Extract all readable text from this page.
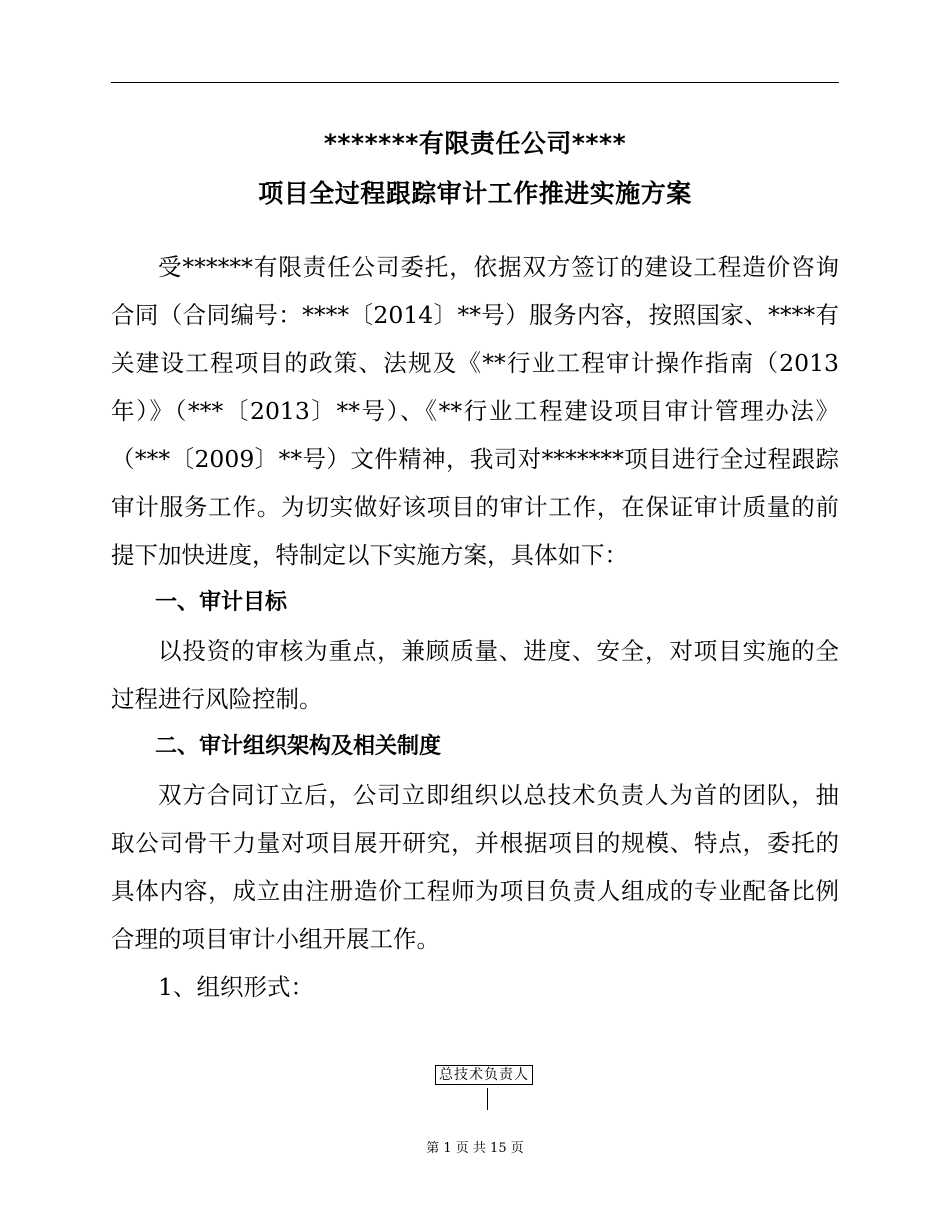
*******有限责任公司****
项目全过程跟踪审计工作推进实施方案

受******有限责任公司委托，依据双方签订的建设工程造价咨询合同（合同编号：****〔2014〕**号）服务内容，按照国家、****有关建设工程项目的政策、法规及《**行业工程审计操作指南（2013年）》（***〔2013〕**号）、《**行业工程建设项目审计管理办法》（***〔2009〕**号）文件精神，我司对*******项目进行全过程跟踪审计服务工作。为切实做好该项目的审计工作，在保证审计质量的前提下加快进度，特制定以下实施方案，具体如下：

一、审计目标

以投资的审核为重点，兼顾质量、进度、安全，对项目实施的全过程进行风险控制。

二、审计组织架构及相关制度

双方合同订立后，公司立即组织以总技术负责人为首的团队，抽取公司骨干力量对项目展开研究，并根据项目的规模、特点，委托的具体内容，成立由注册造价工程师为项目负责人组成的专业配备比例合理的项目审计小组开展工作。

1、组织形式：

总技术负责人
第 1 页 共 15 页
